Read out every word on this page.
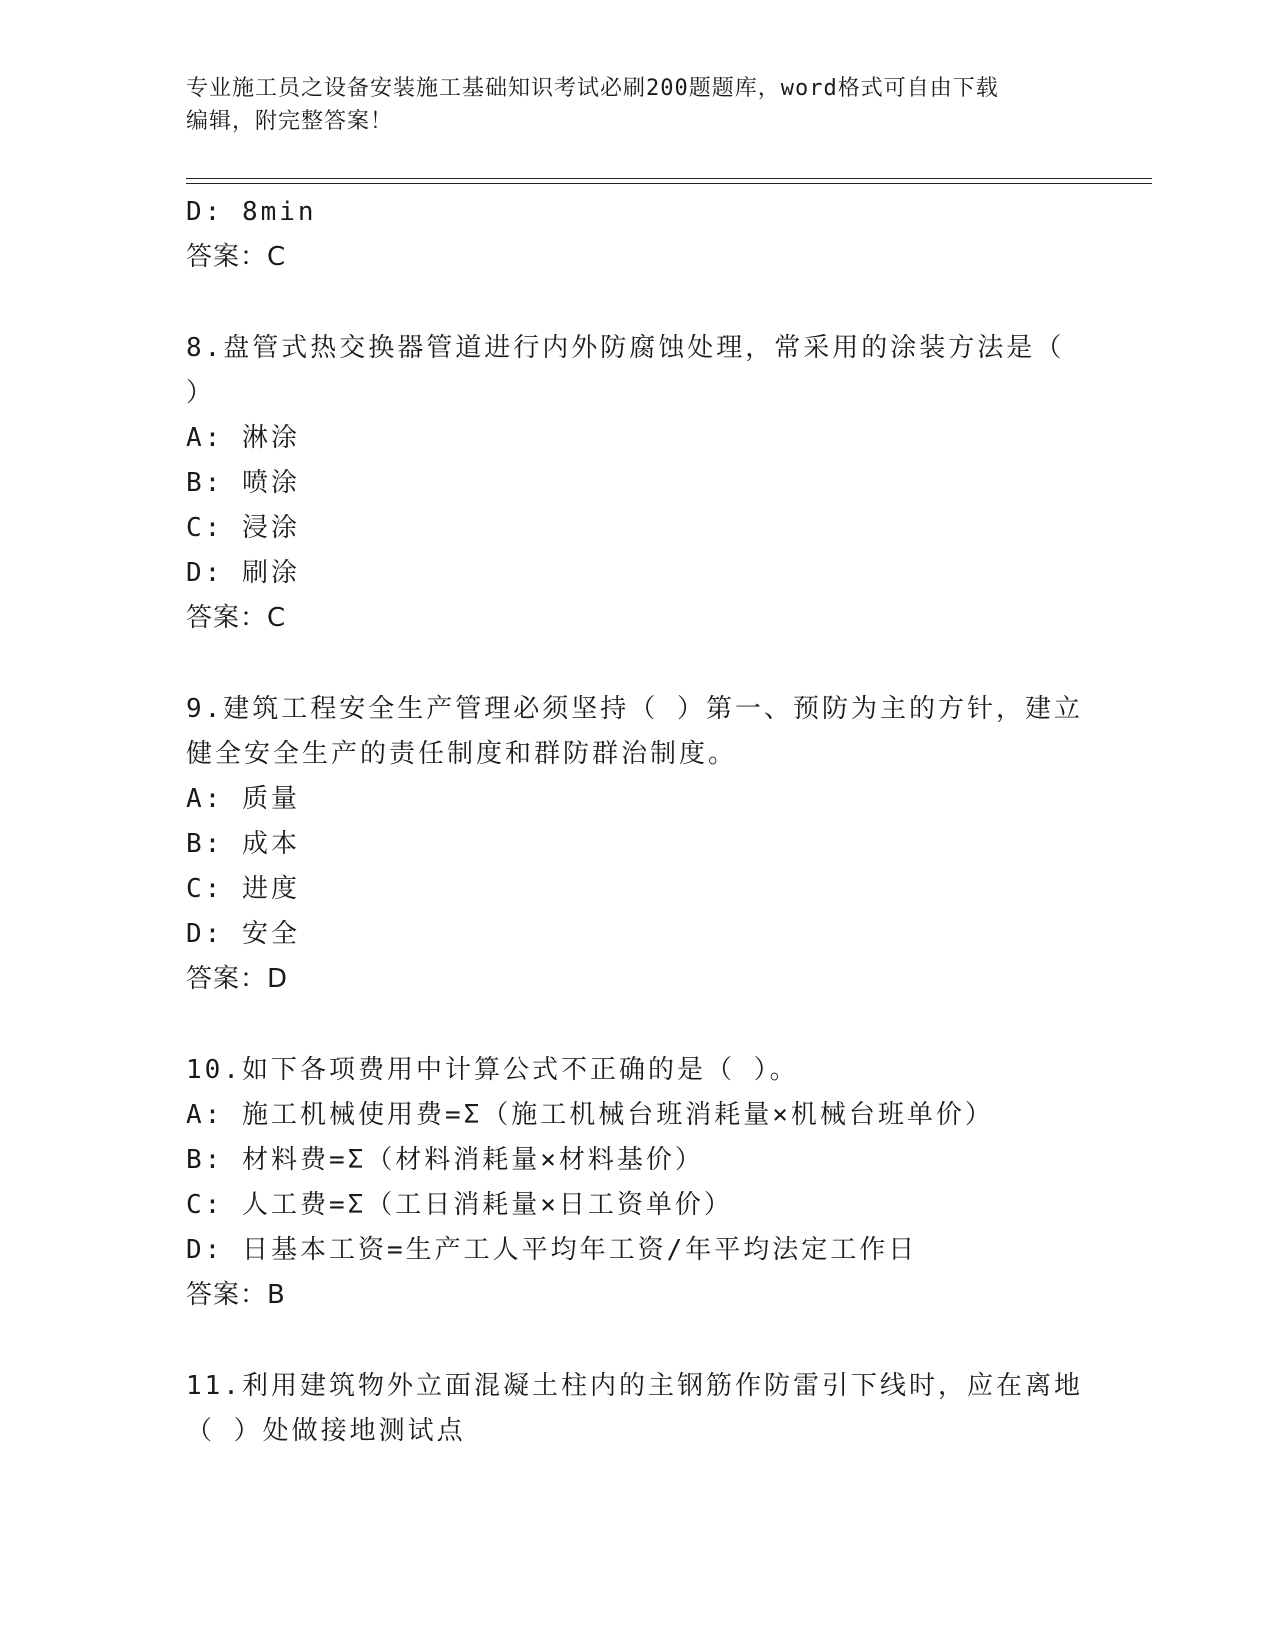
专业施工员之设备安装施工基础知识考试必刷200题题库，word格式可自由下载
编辑，附完整答案！
D: 8min
答案：C
8.盘管式热交换器管道进行内外防腐蚀处理，常采用的涂装方法是（
）
A: 淋涂
B: 喷涂
C: 浸涂
D: 刷涂
答案：C
9.建筑工程安全生产管理必须坚持（ ）第一、预防为主的方针，建立
健全安全生产的责任制度和群防群治制度。
A: 质量
B: 成本
C: 进度
D: 安全
答案：D
10.如下各项费用中计算公式不正确的是（ ）。
A: 施工机械使用费=Σ（施工机械台班消耗量×机械台班单价）
B: 材料费=Σ（材料消耗量×材料基价）
C: 人工费=Σ（工日消耗量×日工资单价）
D: 日基本工资=生产工人平均年工资/年平均法定工作日
答案：B
11.利用建筑物外立面混凝土柱内的主钢筋作防雷引下线时，应在离地
（ ）处做接地测试点
